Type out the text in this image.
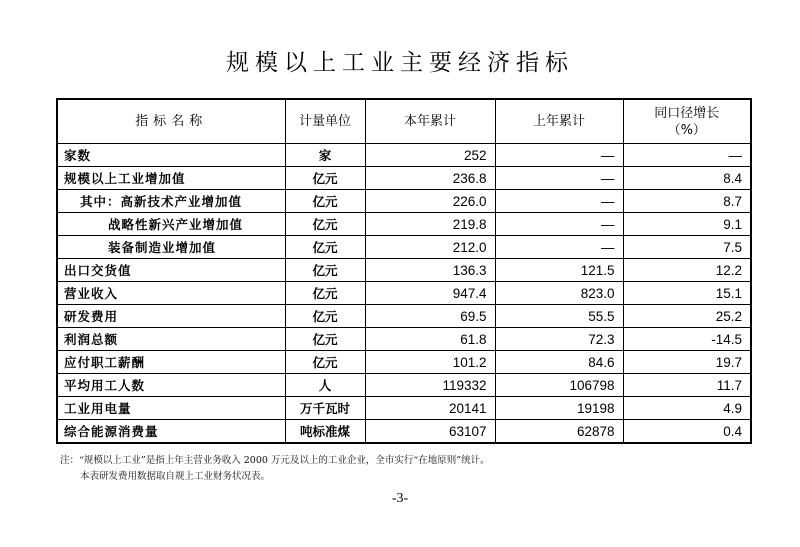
规模以上工业主要经济指标
指标名称	计量单位	本年累计	上年累计	同口径增长
（%）

家数	家	252	—	—
规模以上工业增加值	亿元	236.8	—	8.4
其中：高新技术产业增加值	亿元	226.0	—	8.7
战略性新兴产业增加值	亿元	219.8	—	9.1
装备制造业增加值	亿元	212.0	—	7.5
出口交货值	亿元	136.3	121.5	12.2
营业收入	亿元	947.4	823.0	15.1
研发费用	亿元	69.5	55.5	25.2
利润总额	亿元	61.8	72.3	-14.5
应付职工薪酬	亿元	101.2	84.6	19.7
平均用工人数	人	119332	106798	11.7
工业用电量	万千瓦时	20141	19198	4.9
综合能源消费量	吨标准煤	63107	62878	0.4
注：“规模以上工业”是指上年主营业务收入 2000 万元及以上的工业企业，全市实行“在地原则”统计。
本表研发费用数据取自规上工业财务状况表。
-3-
